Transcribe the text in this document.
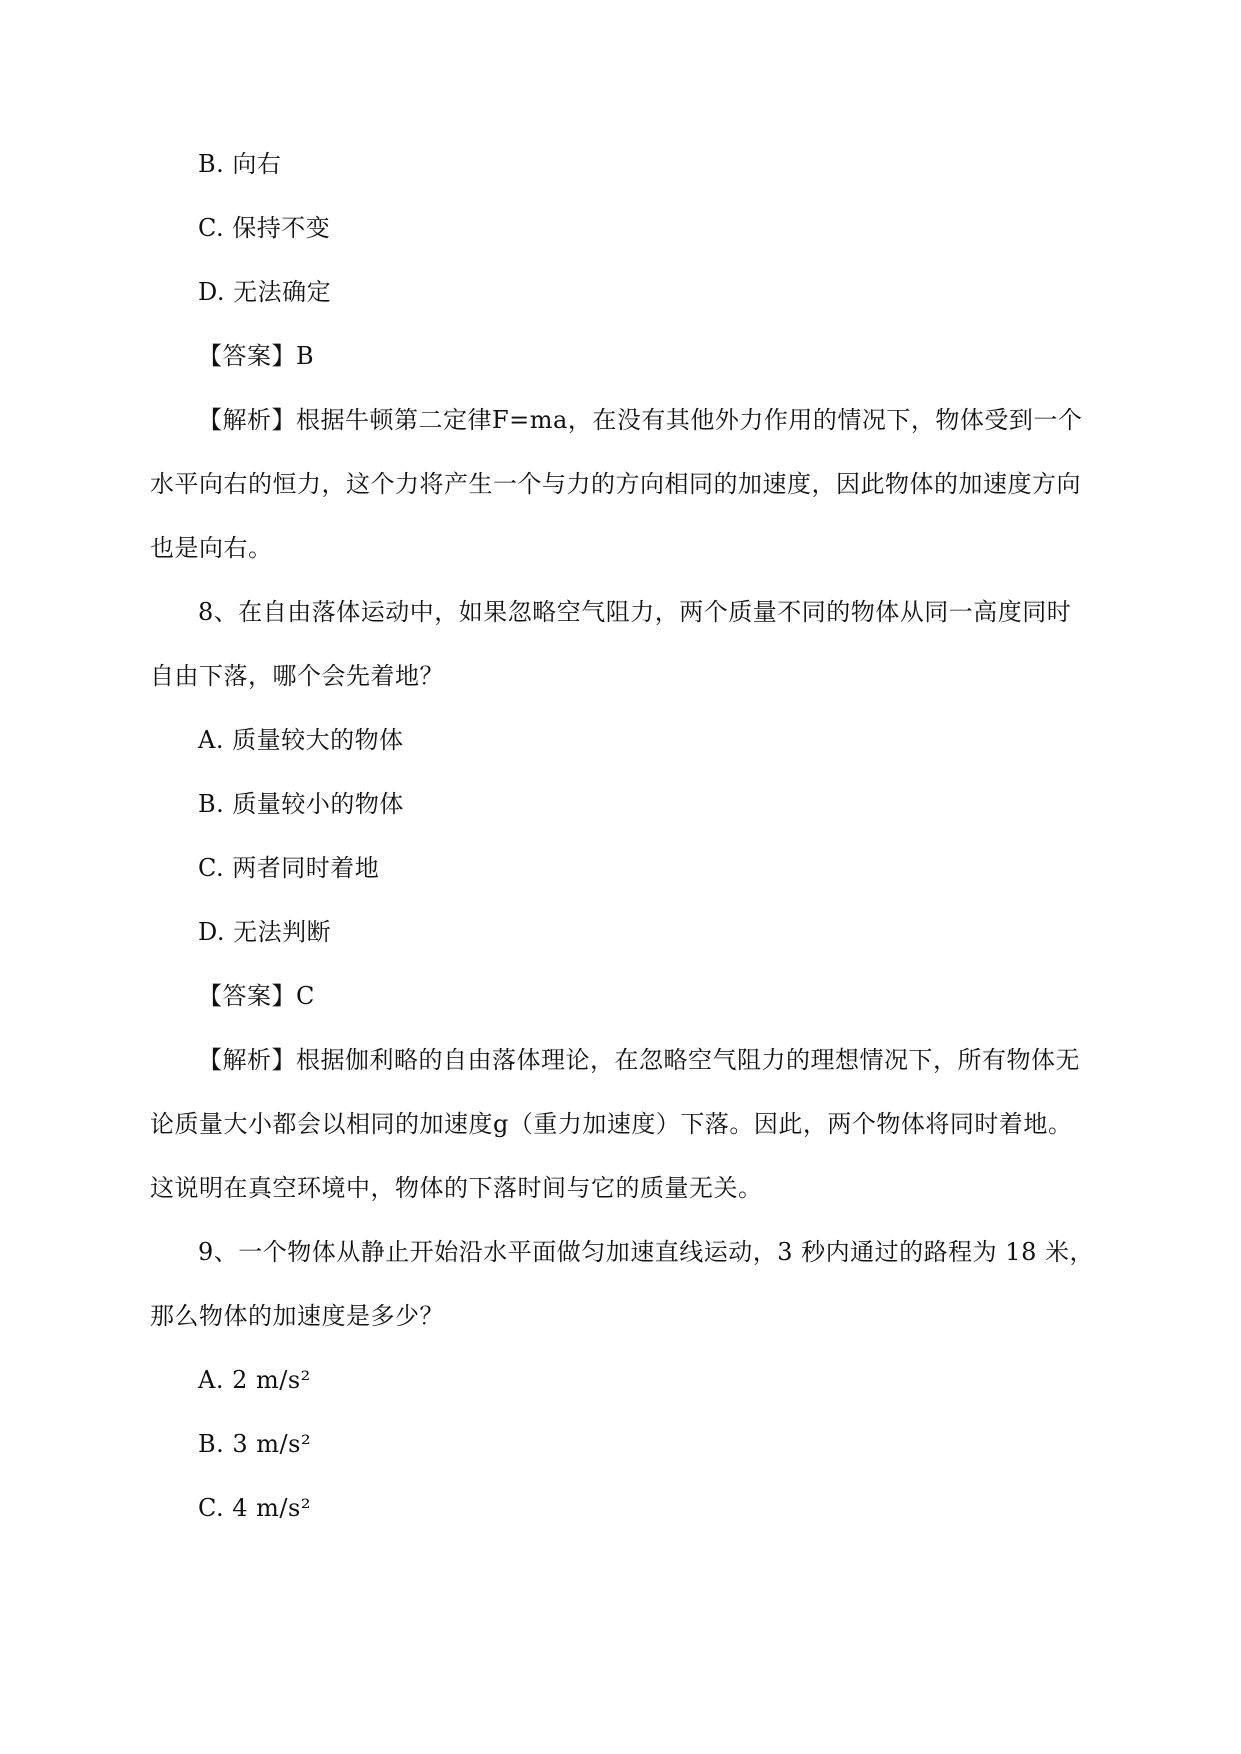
B. 向右
C. 保持不变
D. 无法确定
【答案】B
【解析】根据牛顿第二定律F=ma，在没有其他外力作用的情况下，物体受到一个
水平向右的恒力，这个力将产生一个与力的方向相同的加速度，因此物体的加速度方向
也是向右。
8、在自由落体运动中，如果忽略空气阻力，两个质量不同的物体从同一高度同时
自由下落，哪个会先着地？
A. 质量较大的物体
B. 质量较小的物体
C. 两者同时着地
D. 无法判断
【答案】C
【解析】根据伽利略的自由落体理论，在忽略空气阻力的理想情况下，所有物体无
论质量大小都会以相同的加速度g（重力加速度）下落。因此，两个物体将同时着地。
这说明在真空环境中，物体的下落时间与它的质量无关。
9、一个物体从静止开始沿水平面做匀加速直线运动，3 秒内通过的路程为 18 米，
那么物体的加速度是多少？
A. 2 m/s²
B. 3 m/s²
C. 4 m/s²
